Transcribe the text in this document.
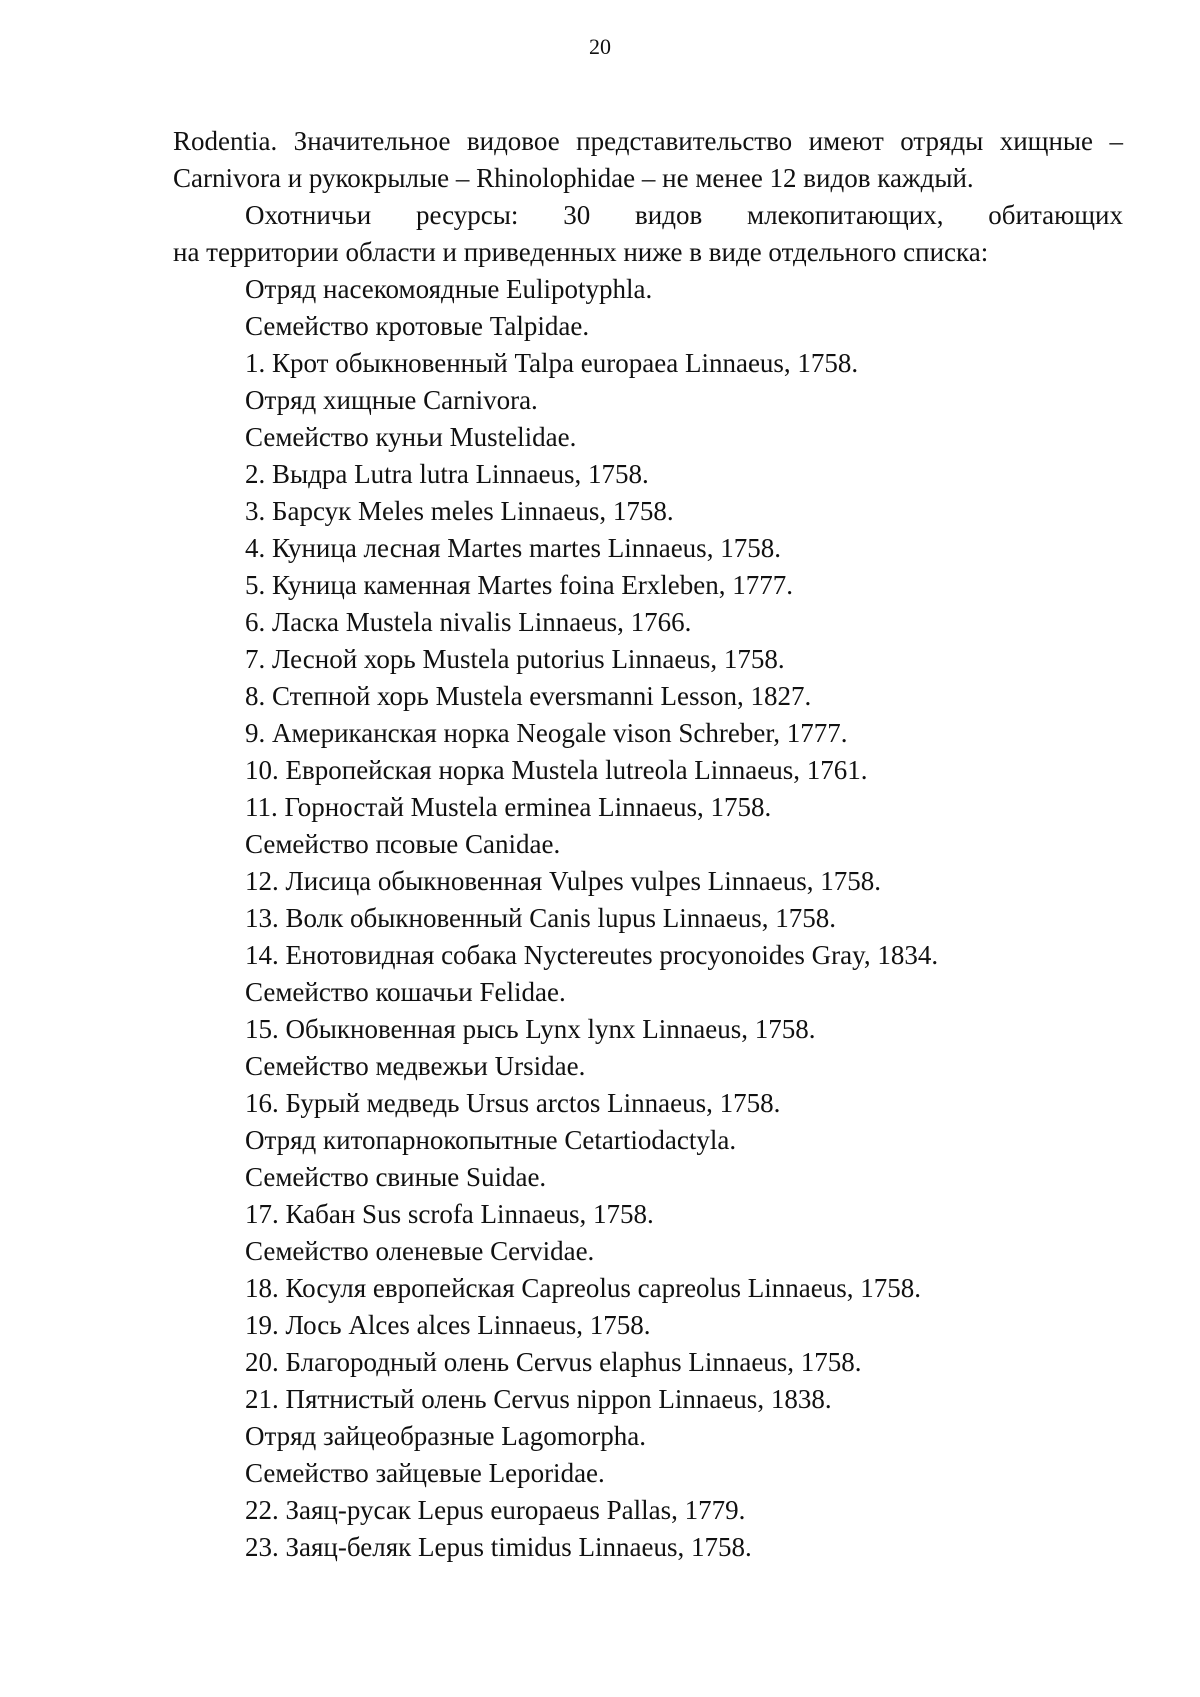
20

Rodentia. Значительное видовое представительство имеют отряды хищные –

Carnivora и рукокрылые – Rhinolophidae – не менее 12 видов каждый.

Охотничьи ресурсы: 30 видов млекопитающих, обитающих

на территории области и приведенных ниже в виде отдельного списка:

Отряд насекомоядные Eulipotyphla.
Семейство кротовые Talpidae.
1. Крот обыкновенный Talpa europaea Linnaeus, 1758.
Отряд хищные Carnivora.
Семейство куньи Mustelidae.
2. Выдра Lutra lutra Linnaeus, 1758.
3. Барсук Meles meles Linnaeus, 1758.
4. Куница лесная Martes martes Linnaeus, 1758.
5. Куница каменная Martes foina Erxleben, 1777.
6. Ласка Mustela nivalis Linnaeus, 1766.
7. Лесной хорь Mustela putorius Linnaeus, 1758.
8. Степной хорь Mustela eversmanni Lesson, 1827.
9. Американская норка Neogale vison Schreber, 1777.
10. Европейская норка Mustela lutreola Linnaeus, 1761.
11. Горностай Mustela erminea Linnaeus, 1758.
Семейство псовые Canidae.
12. Лисица обыкновенная Vulpes vulpes Linnaeus, 1758.
13. Волк обыкновенный Canis lupus Linnaeus, 1758.
14. Енотовидная собака Nyctereutes procyonoides Gray, 1834.
Семейство кошачьи Felidae.
15. Обыкновенная рысь Lynx lynx Linnaeus, 1758.
Семейство медвежьи Ursidae.
16. Бурый медведь Ursus arctos Linnaeus, 1758.
Отряд китопарнокопытные Cetartiodactyla.
Семейство свиные Suidae.
17. Кабан Sus scrofa Linnaeus, 1758.
Семейство оленевые Cervidae.
18. Косуля европейская Capreolus capreolus Linnaeus, 1758.
19. Лось Alces alces Linnaeus, 1758.
20. Благородный олень Cervus elaphus Linnaeus, 1758.
21. Пятнистый олень Cervus nippon Linnaeus, 1838.
Отряд зайцеобразные Lagomorpha.
Семейство зайцевые Leporidae.
22. Заяц-русак Lepus europaeus Pallas, 1779.
23. Заяц-беляк Lepus timidus Linnaeus, 1758.
